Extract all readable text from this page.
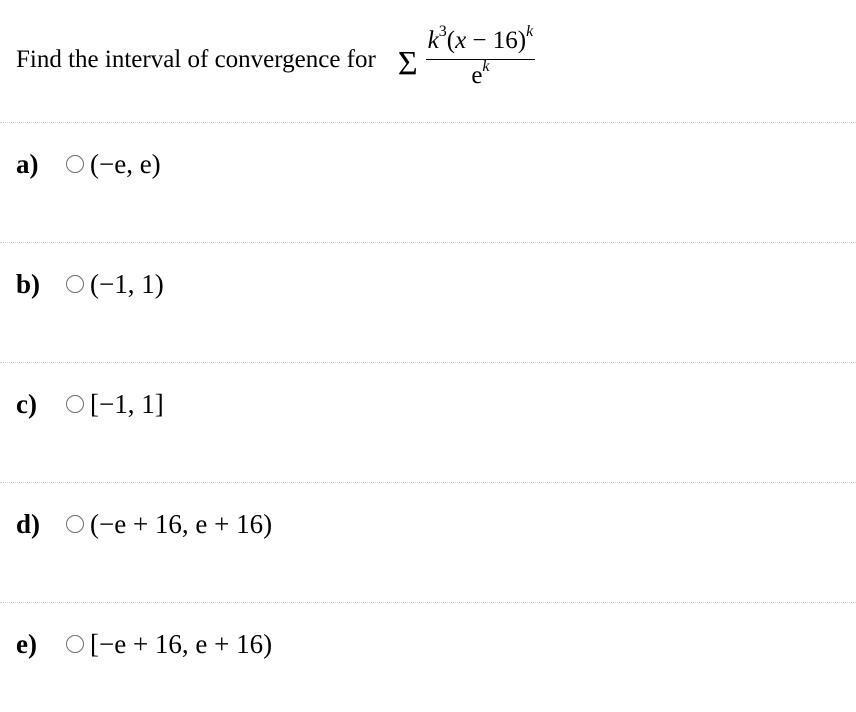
Find the interval of convergence for Σ $\frac{k^3(x - 16)^k}{e^k}$
a)	(−e, e)
b)	(−1, 1)
c)	[−1, 1]
d)	(−e + 16, e + 16)
e)	[−e + 16, e + 16)
